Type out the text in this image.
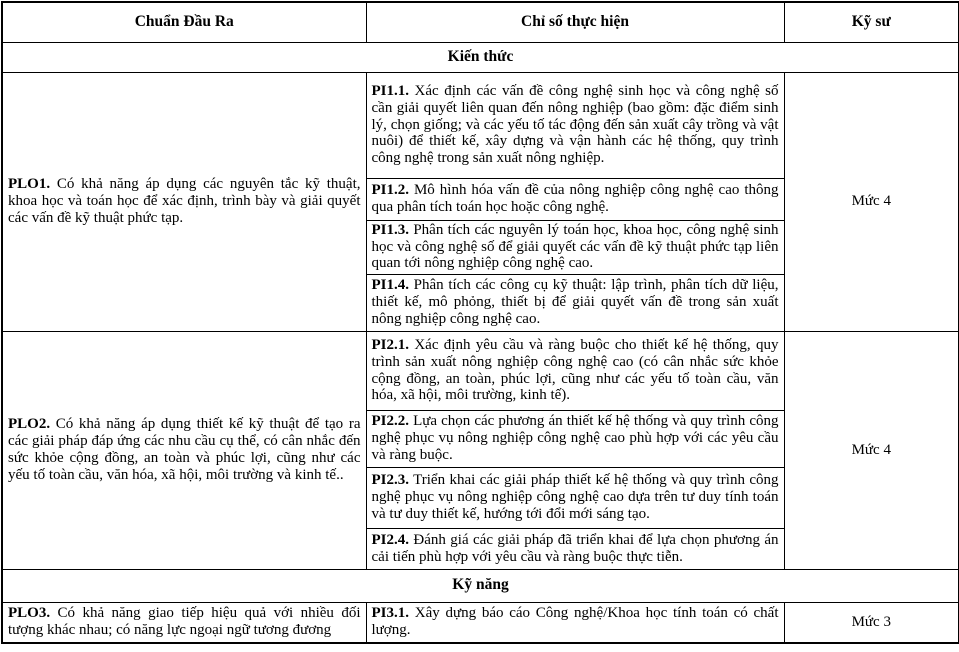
Chuẩn Đầu Ra	Chỉ số thực hiện	Kỹ sư
Kiến thức		
PLO1. Có khả năng áp dụng các nguyên tắc kỹ thuật, khoa học và toán học để xác định, trình bày và giải quyết các vấn đề kỹ thuật phức tạp.	PI1.1. Xác định các vấn đề công nghệ sinh học và công nghệ số cần giải quyết liên quan đến nông nghiệp (bao gồm: đặc điểm sinh lý, chọn giống; và các yếu tố tác động đến sản xuất cây trồng và vật nuôi) để thiết kế, xây dựng và vận hành các hệ thống, quy trình công nghệ trong sản xuất nông nghiệp.	Mức 4
	PI1.2. Mô hình hóa vấn đề của nông nghiệp công nghệ cao thông qua phân tích toán học hoặc công nghệ.	
	PI1.3. Phân tích các nguyên lý toán học, khoa học, công nghệ sinh học và công nghệ số để giải quyết các vấn đề kỹ thuật phức tạp liên quan tới nông nghiệp công nghệ cao.	
	PI1.4. Phân tích các công cụ kỹ thuật: lập trình, phân tích dữ liệu, thiết kế, mô phỏng, thiết bị để giải quyết vấn đề trong sản xuất nông nghiệp công nghệ cao.	
PLO2. Có khả năng áp dụng thiết kế kỹ thuật để tạo ra các giải pháp đáp ứng các nhu cầu cụ thể, có cân nhắc đến sức khỏe cộng đồng, an toàn và phúc lợi, cũng như các yếu tố toàn cầu, văn hóa, xã hội, môi trường và kinh tế..	PI2.1. Xác định yêu cầu và ràng buộc cho thiết kế hệ thống, quy trình sản xuất nông nghiệp công nghệ cao (có cân nhắc sức khỏe cộng đồng, an toàn, phúc lợi, cũng như các yếu tố toàn cầu, văn hóa, xã hội, môi trường, kinh tế).	Mức 4
	PI2.2. Lựa chọn các phương án thiết kế hệ thống và quy trình công nghệ phục vụ nông nghiệp công nghệ cao phù hợp với các yêu cầu và ràng buộc.	
	PI2.3. Triển khai các giải pháp thiết kế hệ thống và quy trình công nghệ phục vụ nông nghiệp công nghệ cao dựa trên tư duy tính toán và tư duy thiết kế, hướng tới đổi mới sáng tạo.	
	PI2.4. Đánh giá các giải pháp đã triển khai để lựa chọn phương án cải tiến phù hợp với yêu cầu và ràng buộc thực tiễn.	
Kỹ năng		
PLO3. Có khả năng giao tiếp hiệu quả với nhiều đối tượng khác nhau; có năng lực ngoại ngữ tương đương	PI3.1. Xây dựng báo cáo Công nghệ/Khoa học tính toán có chất lượng.	Mức 3
